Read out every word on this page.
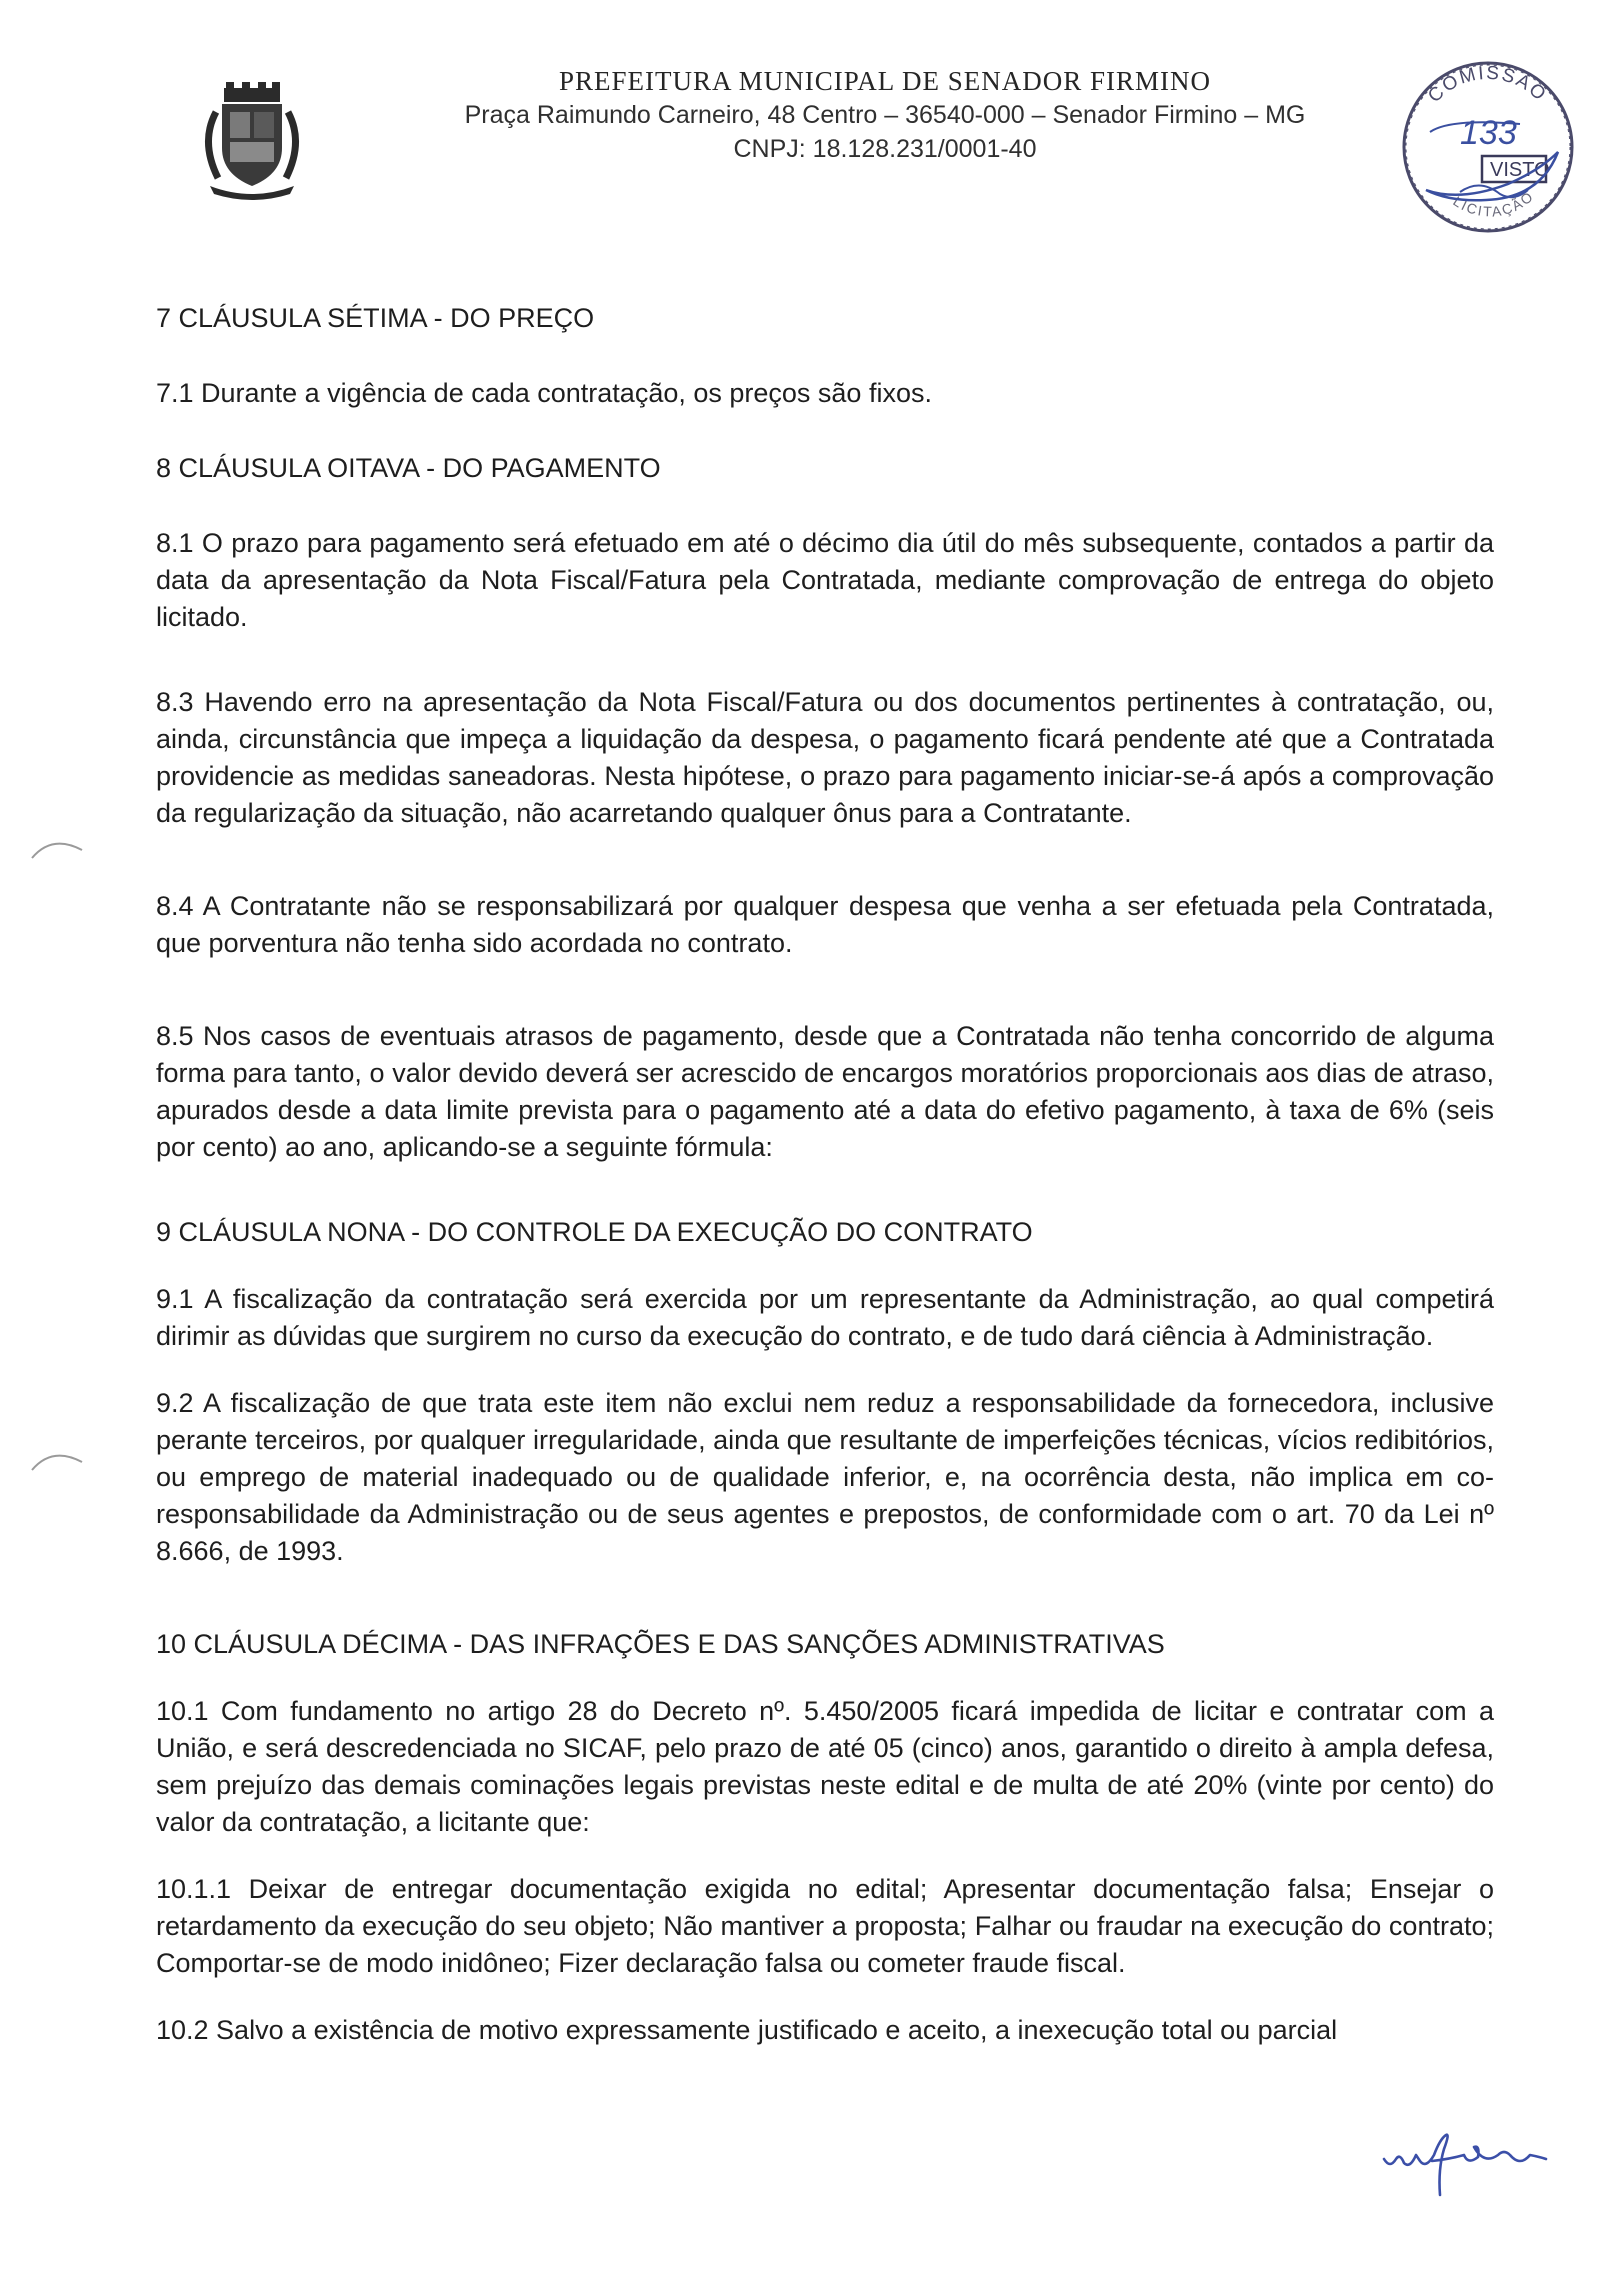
PREFEITURA MUNICIPAL DE SENADOR FIRMINO

Praça Raimundo Carneiro, 48 Centro – 36540-000 – Senador Firmino – MG

CNPJ: 18.128.231/0001-40

COMISSÃO
LICITAÇÃO
133
VISTO
7 CLÁUSULA SÉTIMA - DO PREÇO

7.1 Durante a vigência de cada contratação, os preços são fixos.

8 CLÁUSULA OITAVA - DO PAGAMENTO

8.1 O prazo para pagamento será efetuado em até o décimo dia útil do mês subsequente, contados a partir da data da apresentação da Nota Fiscal/Fatura pela Contratada, mediante comprovação de entrega do objeto licitado.

8.3 Havendo erro na apresentação da Nota Fiscal/Fatura ou dos documentos pertinentes à contratação, ou, ainda, circunstância que impeça a liquidação da despesa, o pagamento ficará pendente até que a Contratada providencie as medidas saneadoras. Nesta hipótese, o prazo para pagamento iniciar-se-á após a comprovação da regularização da situação, não acarretando qualquer ônus para a Contratante.

8.4 A Contratante não se responsabilizará por qualquer despesa que venha a ser efetuada pela Contratada, que porventura não tenha sido acordada no contrato.

8.5 Nos casos de eventuais atrasos de pagamento, desde que a Contratada não tenha concorrido de alguma forma para tanto, o valor devido deverá ser acrescido de encargos moratórios proporcionais aos dias de atraso, apurados desde a data limite prevista para o pagamento até a data do efetivo pagamento, à taxa de 6% (seis por cento) ao ano, aplicando-se a seguinte fórmula:

9 CLÁUSULA NONA - DO CONTROLE DA EXECUÇÃO DO CONTRATO

9.1 A fiscalização da contratação será exercida por um representante da Administração, ao qual competirá dirimir as dúvidas que surgirem no curso da execução do contrato, e de tudo dará ciência à Administração.

9.2 A fiscalização de que trata este item não exclui nem reduz a responsabilidade da fornecedora, inclusive perante terceiros, por qualquer irregularidade, ainda que resultante de imperfeições técnicas, vícios redibitórios, ou emprego de material inadequado ou de qualidade inferior, e, na ocorrência desta, não implica em co-responsabilidade da Administração ou de seus agentes e prepostos, de conformidade com o art. 70 da Lei nº 8.666, de 1993.

10 CLÁUSULA DÉCIMA - DAS INFRAÇÕES E DAS SANÇÕES ADMINISTRATIVAS

10.1 Com fundamento no artigo 28 do Decreto nº. 5.450/2005 ficará impedida de licitar e contratar com a União, e será descredenciada no SICAF, pelo prazo de até 05 (cinco) anos, garantido o direito à ampla defesa, sem prejuízo das demais cominações legais previstas neste edital e de multa de até 20% (vinte por cento) do valor da contratação, a licitante que:

10.1.1 Deixar de entregar documentação exigida no edital; Apresentar documentação falsa; Ensejar o retardamento da execução do seu objeto; Não mantiver a proposta; Falhar ou fraudar na execução do contrato; Comportar-se de modo inidôneo; Fizer declaração falsa ou cometer fraude fiscal.

10.2 Salvo a existência de motivo expressamente justificado e aceito, a inexecução total ou parcial
